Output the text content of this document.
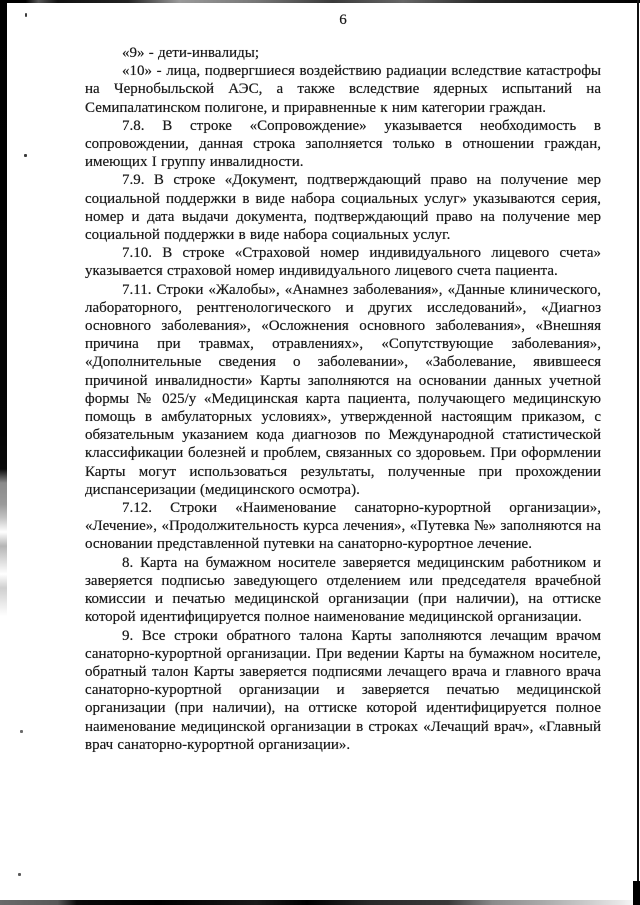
6

«9» - дети-инвалиды;

«10» - лица, подвергшиеся воздействию радиации вследствие катастрофы на Чернобыльской АЭС, а также вследствие ядерных испытаний на Семипалатинском полигоне, и приравненные к ним категории граждан.

7.8. В строке «Сопровождение» указывается необходимость в сопровождении, данная строка заполняется только в отношении граждан, имеющих I группу инвалидности.

7.9. В строке «Документ, подтверждающий право на получение мер социальной поддержки в виде набора социальных услуг» указываются серия, номер и дата выдачи документа, подтверждающий право на получение мер социальной поддержки в виде набора социальных услуг.

7.10. В строке «Страховой номер индивидуального лицевого счета» указывается страховой номер индивидуального лицевого счета пациента.

7.11. Строки «Жалобы», «Анамнез заболевания», «Данные клинического, лабораторного, рентгенологического и других исследований», «Диагноз основного заболевания», «Осложнения основного заболевания», «Внешняя причина при травмах, отравлениях», «Сопутствующие заболевания», «Дополнительные сведения о заболевании», «Заболевание, явившееся причиной инвалидности» Карты заполняются на основании данных учетной формы № 025/у «Медицинская карта пациента, получающего медицинскую помощь в амбулаторных условиях», утвержденной настоящим приказом, с обязательным указанием кода диагнозов по Международной статистической классификации болезней и проблем, связанных со здоровьем. При оформлении Карты могут использоваться результаты, полученные при прохождении диспансеризации (медицинского осмотра).

7.12. Строки «Наименование санаторно-курортной организации», «Лечение», «Продолжительность курса лечения», «Путевка №» заполняются на основании представленной путевки на санаторно-курортное лечение.

8. Карта на бумажном носителе заверяется медицинским работником и заверяется подписью заведующего отделением или председателя врачебной комиссии и печатью медицинской организации (при наличии), на оттиске которой идентифицируется полное наименование медицинской организации.

9. Все строки обратного талона Карты заполняются лечащим врачом санаторно-курортной организации. При ведении Карты на бумажном носителе, обратный талон Карты заверяется подписями лечащего врача и главного врача санаторно-курортной организации и заверяется печатью медицинской организации (при наличии), на оттиске которой идентифицируется полное наименование медицинской организации в строках «Лечащий врач», «Главный врач санаторно-курортной организации».
